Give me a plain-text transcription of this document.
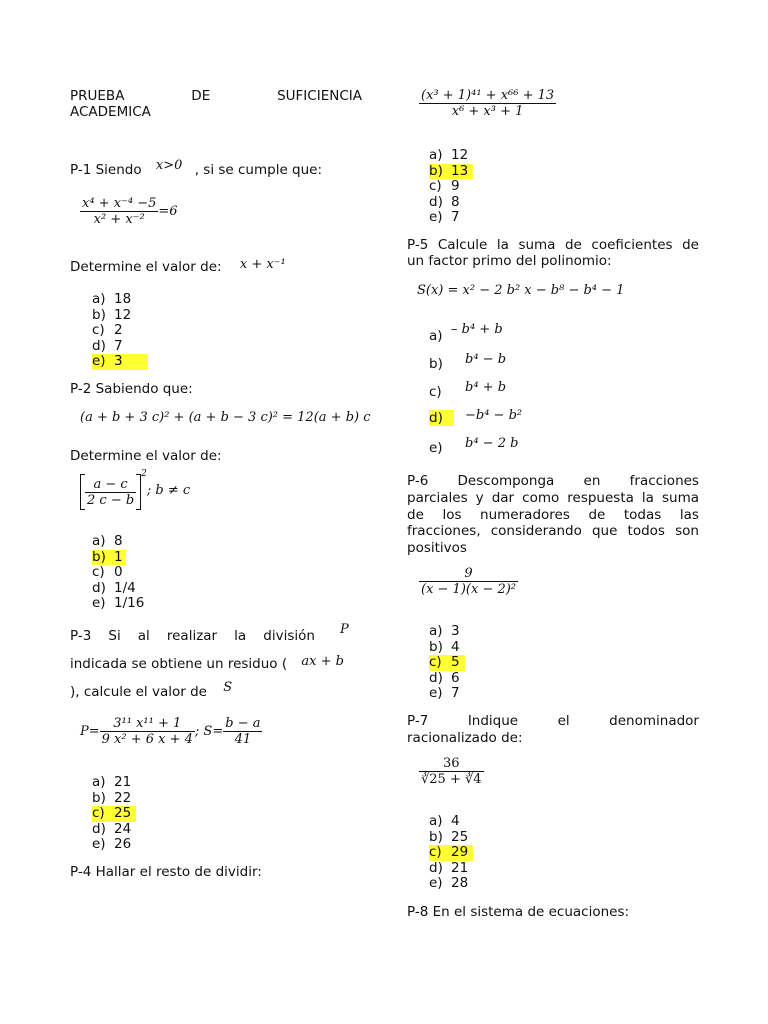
PRUEBA	DE	SUFICIENCIA
ACADEMICA
P-1 Siendo x>0 , si se cumple que:
$\frac{\text{x⁴ + x⁻⁴ −5}}{\text{x² + x⁻²}} =6$
Determine el valor de: x + x⁻¹
a) 18
b) 12
c) 2
d) 7
e) 3
P-2 Sabiendo que:
(a + b + 3 c)² + (a + b − 3 c)² = 12(a + b) c
Determine el valor de:
$\frac{a - c}{2 c - b}$
$^2$; b ≠ c
a) 8
b) 1
c) 0
d) 1/4
e) 1/16
P-3 Si al realizar la división P
indicada se obtiene un residuo ( ax + b
), calcule el valor de S
$P= \frac{\text{3¹¹ x¹¹ + 1}}{\text{9 x² + 6 x + 4}}$ ; $S= \frac{b - a}{41}$
a) 21
b) 22
c) 25
d) 24
e) 26
P-4 Hallar el resto de dividir:
$\frac{\text{(x³ + 1)⁴¹ + x⁶⁶ + 13}}{\text{x⁶ + x³ + 1}}$
a) 12
b) 13
c) 9
d) 8
e) 7
P-5 Calcule la suma de coeficientes de
un factor primo del polinomio:
S(x) = x² − 2 b² x − b⁸ − b⁴ − 1
a) – b⁴ + b
b) b⁴ − b
c) b⁴ + b
d)	−b⁴ − b²
e) b⁴ − 2 b
P-6 Descomponga en fracciones
parciales y dar como respuesta la suma
de los numeradores de todas las
fracciones, considerando que todos son
positivos
$\frac{9}{\text{(x − 1)(x − 2)²}}$
a) 3
b) 4
c) 5
d) 6
e) 7
P-7	Indique	el	denominador
racionalizado de:
$\frac{36}{∛25 + ∛4}$
a) 4
b) 25
c) 29
d) 21
e) 28
P-8 En el sistema de ecuaciones:
